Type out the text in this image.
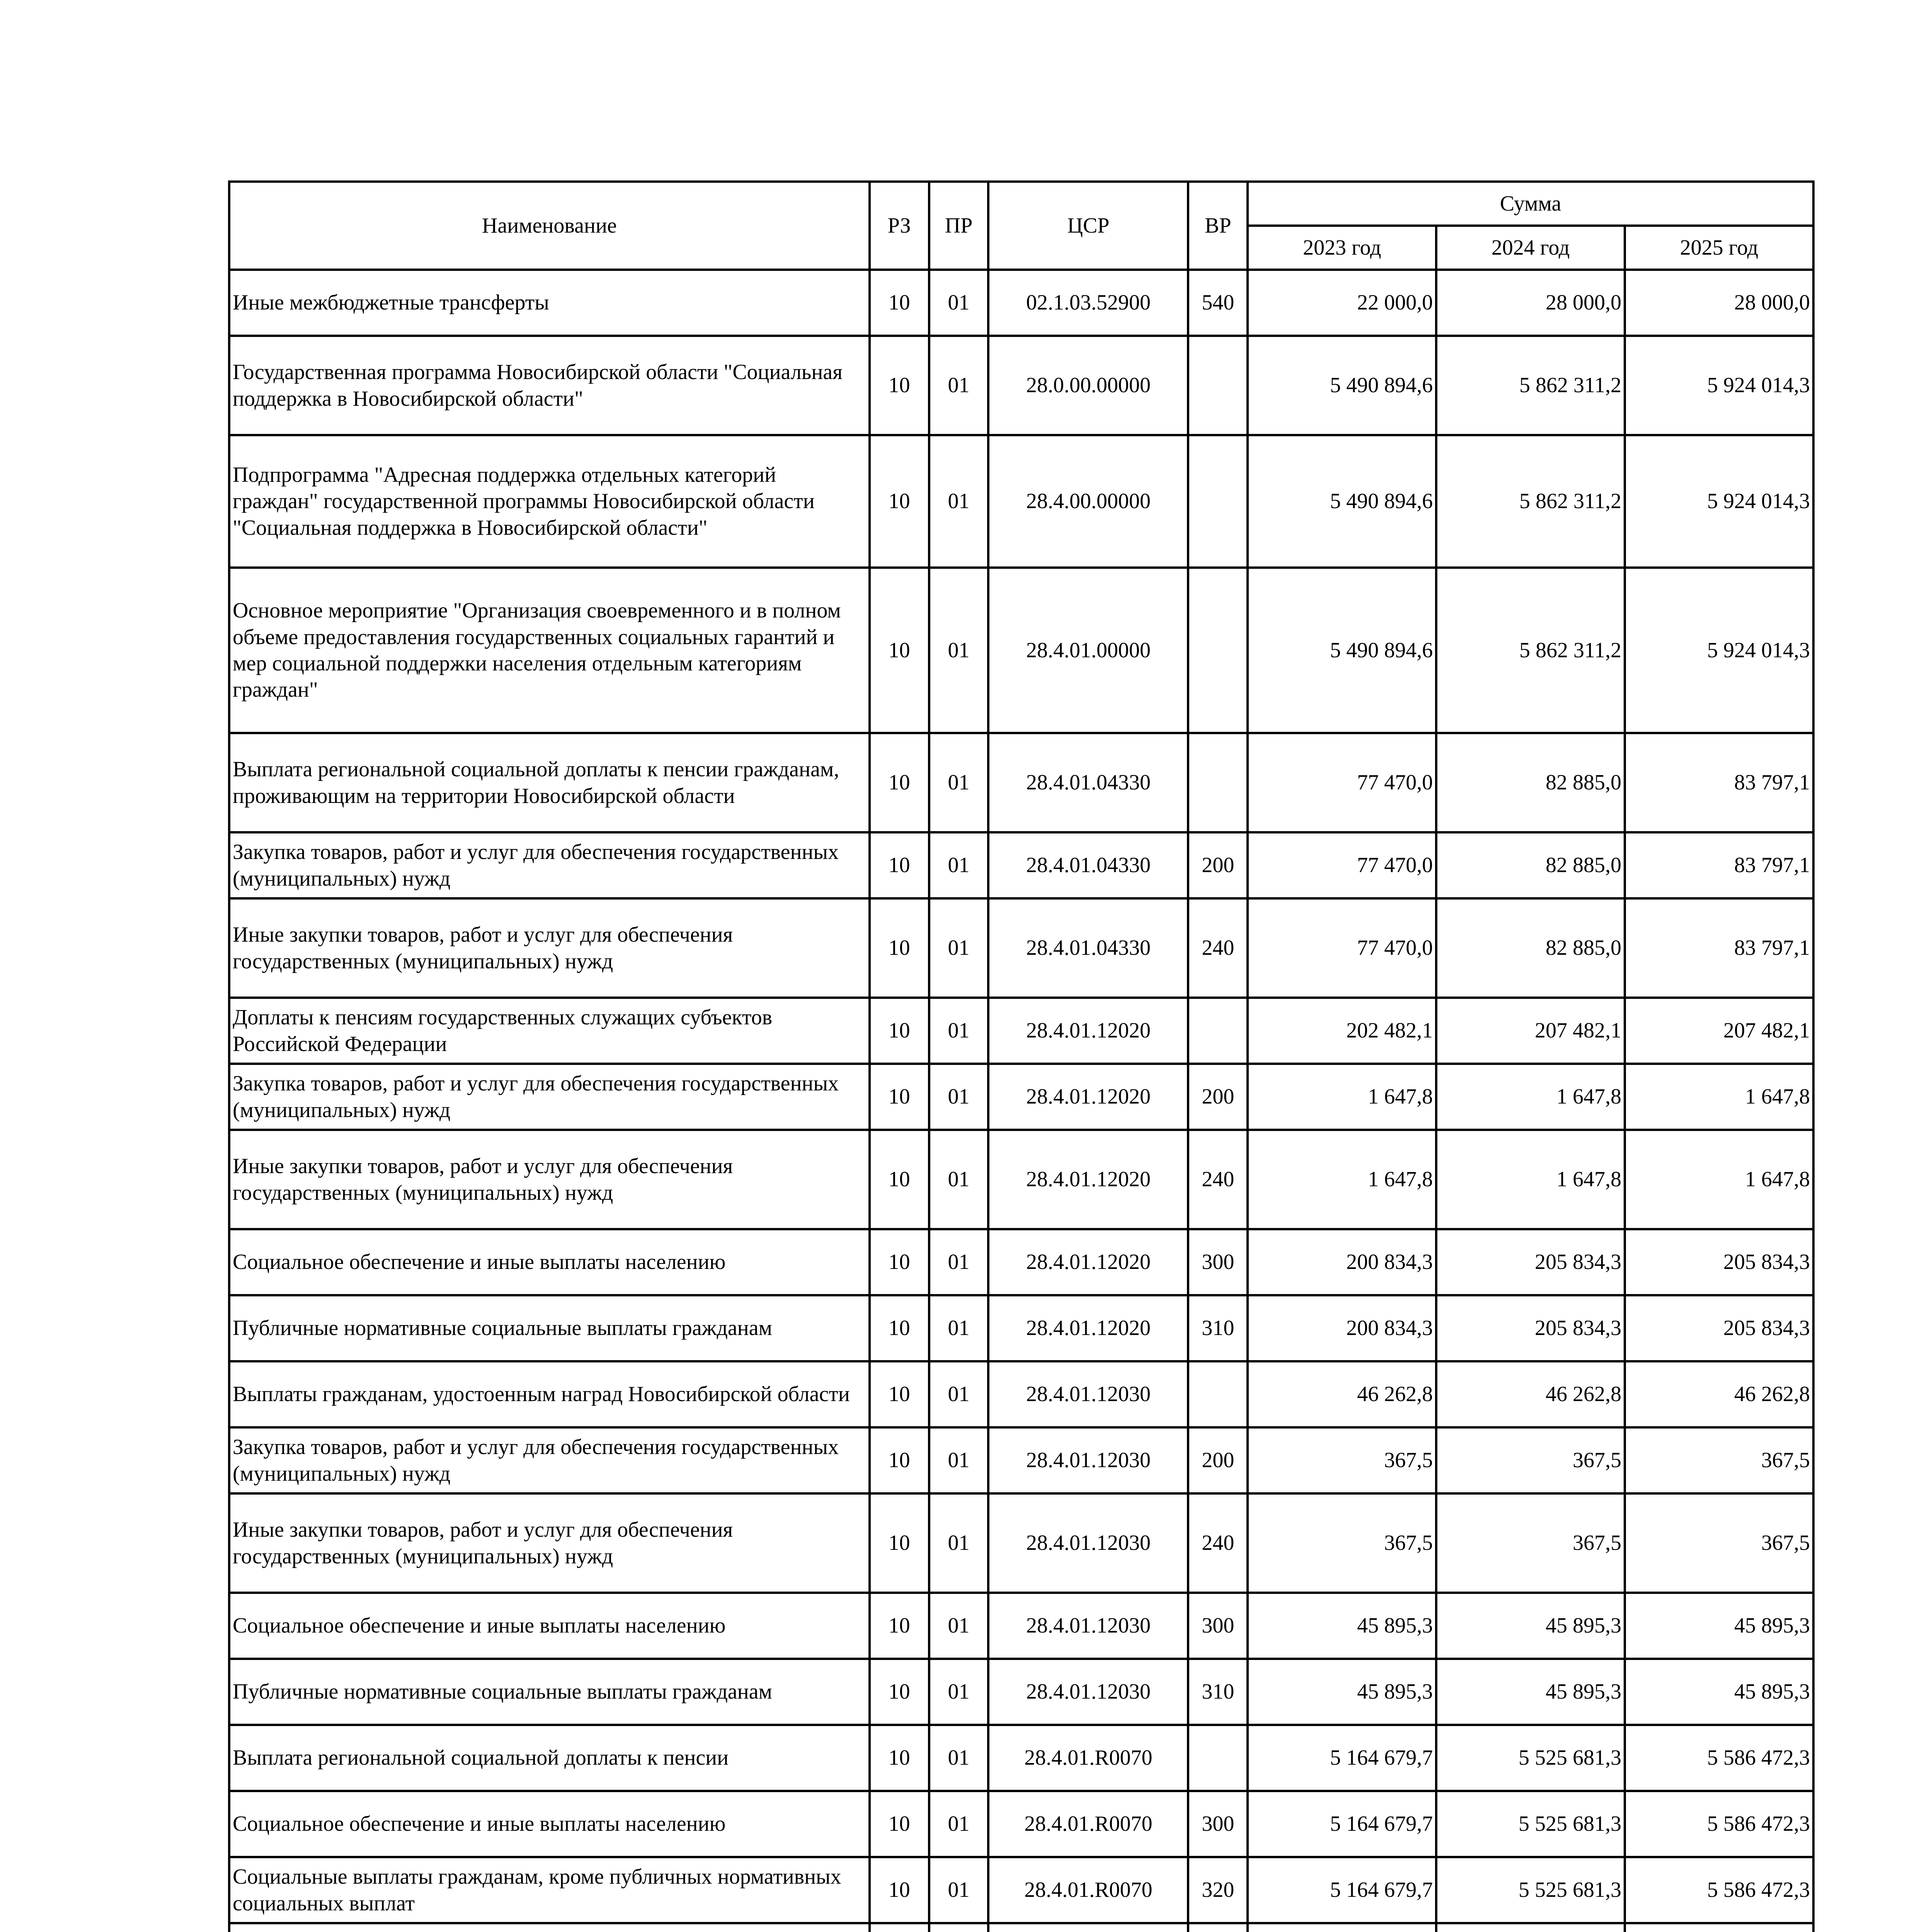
Наименование	РЗ	ПР	ЦСР	ВР	Сумма		
					2023 год	2024 год	2025 год
Иные межбюджетные трансферты	10	01	02.1.03.52900	540	22 000,0	28 000,0	28 000,0
Государственная программа Новосибирской области "Социальная поддержка в Новосибирской области"	10	01	28.0.00.00000		5 490 894,6	5 862 311,2	5 924 014,3
Подпрограмма "Адресная поддержка отдельных категорий граждан" государственной программы Новосибирской области "Социальная поддержка в Новосибирской области"	10	01	28.4.00.00000		5 490 894,6	5 862 311,2	5 924 014,3
Основное мероприятие "Организация своевременного и в полном объеме предоставления государственных социальных гарантий и мер социальной поддержки населения отдельным категориям граждан"	10	01	28.4.01.00000		5 490 894,6	5 862 311,2	5 924 014,3
Выплата региональной социальной доплаты к пенсии гражданам, проживающим на территории Новосибирской области	10	01	28.4.01.04330		77 470,0	82 885,0	83 797,1
Закупка товаров, работ и услуг для обеспечения государственных (муниципальных) нужд	10	01	28.4.01.04330	200	77 470,0	82 885,0	83 797,1
Иные закупки товаров, работ и услуг для обеспечения государственных (муниципальных) нужд	10	01	28.4.01.04330	240	77 470,0	82 885,0	83 797,1
Доплаты к пенсиям государственных служащих субъектов Российской Федерации	10	01	28.4.01.12020		202 482,1	207 482,1	207 482,1
Закупка товаров, работ и услуг для обеспечения государственных (муниципальных) нужд	10	01	28.4.01.12020	200	1 647,8	1 647,8	1 647,8
Иные закупки товаров, работ и услуг для обеспечения государственных (муниципальных) нужд	10	01	28.4.01.12020	240	1 647,8	1 647,8	1 647,8
Социальное обеспечение и иные выплаты населению	10	01	28.4.01.12020	300	200 834,3	205 834,3	205 834,3
Публичные нормативные социальные выплаты гражданам	10	01	28.4.01.12020	310	200 834,3	205 834,3	205 834,3
Выплаты гражданам, удостоенным наград Новосибирской области	10	01	28.4.01.12030		46 262,8	46 262,8	46 262,8
Закупка товаров, работ и услуг для обеспечения государственных (муниципальных) нужд	10	01	28.4.01.12030	200	367,5	367,5	367,5
Иные закупки товаров, работ и услуг для обеспечения государственных (муниципальных) нужд	10	01	28.4.01.12030	240	367,5	367,5	367,5
Социальное обеспечение и иные выплаты населению	10	01	28.4.01.12030	300	45 895,3	45 895,3	45 895,3
Публичные нормативные социальные выплаты гражданам	10	01	28.4.01.12030	310	45 895,3	45 895,3	45 895,3
Выплата региональной социальной доплаты к пенсии	10	01	28.4.01.R0070		5 164 679,7	5 525 681,3	5 586 472,3
Социальное обеспечение и иные выплаты населению	10	01	28.4.01.R0070	300	5 164 679,7	5 525 681,3	5 586 472,3
Социальные выплаты гражданам, кроме публичных нормативных социальных выплат	10	01	28.4.01.R0070	320	5 164 679,7	5 525 681,3	5 586 472,3
